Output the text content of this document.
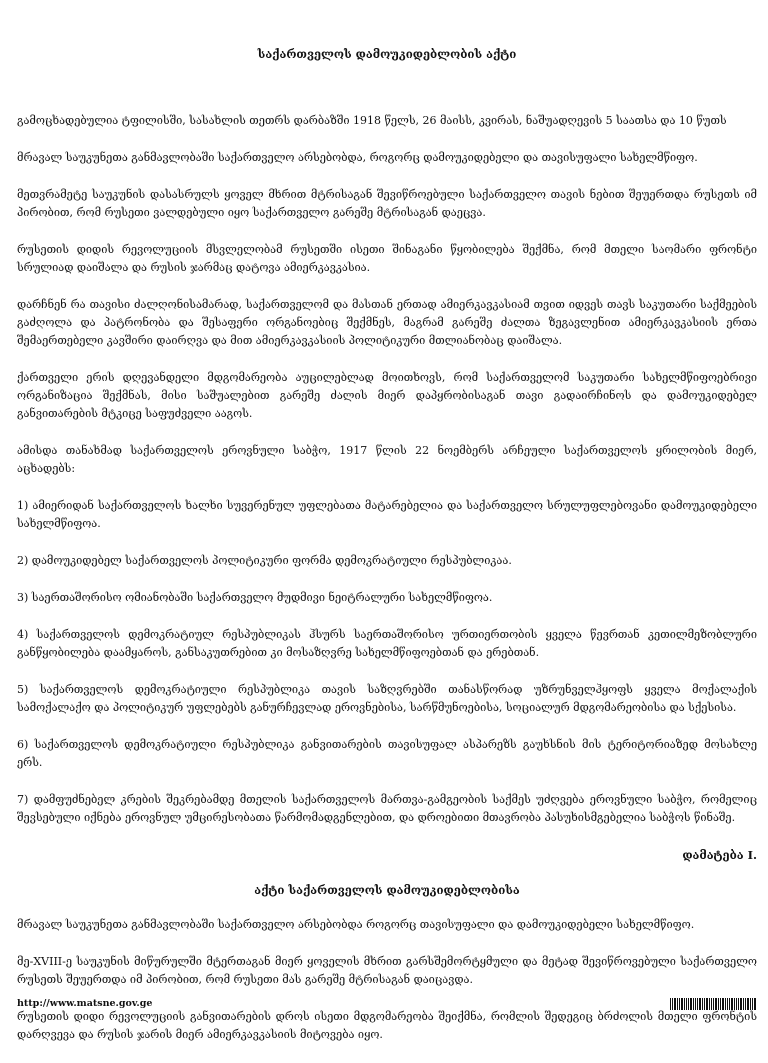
საქართველოს დამოუკიდებლობის აქტი

გამოცხადებულია ტფილისში, სასახლის თეთრს დარბაზში 1918 წელს, 26 მაისს, კვირას, ნაშუადღევის 5 საათსა და 10 წუთს

მრავალ საუკუნეთა განმავლობაში საქართველო არსებობდა, როგორც დამოუკიდებელი და თავისუფალი სახელმწიფო.

მეთვრამეტე საუკუნის დასასრულს ყოველ მხრით მტრისაგან შევიწროებული საქართველო თავის ნებით შეუერთდა რუსეთს იმ პირობით, რომ რუსეთი ვალდებული იყო საქართველო გარეშე მტრისაგან დაეცვა.

რუსეთის დიდის რევოლუციის მსვლელობამ რუსეთში ისეთი შინაგანი წყობილება შექმნა, რომ მთელი საომარი ფრონტი სრულიად დაიშალა და რუსის ჯარმაც დატოვა ამიერკავკასია.

დარჩნენ რა თავისი ძალღონისამარად, საქართველომ და მასთან ერთად ამიერკავკასიამ თვით იდვეს თავს საკუთარი საქმეების გაძღოლა და პატრონობა და შესაფერი ორგანოებიც შექმნეს, მაგრამ გარეშე ძალთა ზეგავლენით ამიერკავკასიის ერთა შემაერთებელი კავშირი დაირღვა და მით ამიერკავკასიის პოლიტიკური მთლიანობაც დაიშალა.

ქართველი ერის დღევანდელი მდგომარეობა აუცილებლად მოითხოვს, რომ საქართველომ საკუთარი სახელმწიფოებრივი ორგანიზაცია შექმნას, მისი საშუალებით გარეშე ძალის მიერ დაპყრობისაგან თავი გადაირჩინოს და დამოუკიდებელ განვითარების მტკიცე საფუძველი ააგოს.

ამისდა თანახმად საქართველოს ეროვნული საბჭო, 1917 წლის 22 ნოემბერს არჩეული საქართველოს ყრილობის მიერ, აცხადებს:

1) ამიერიდან საქართველოს ხალხი სუვერენულ უფლებათა მატარებელია და საქართველო სრულუფლებოვანი დამოუკიდებელი სახელმწიფოა.

2) დამოუკიდებელ საქართველოს პოლიტიკური ფორმა დემოკრატიული რესპუბლიკაა.

3) საერთაშორისო ომიანობაში საქართველო მუდმივი ნეიტრალური სახელმწიფოა.

4) საქართველოს დემოკრატიულ რესპუბლიკას ჰსურს საერთაშორისო ურთიერთობის ყველა წევრთან კეთილმეზობლური განწყობილება დაამყაროს, განსაკუთრებით კი მოსაზღვრე სახელმწიფოებთან და ერებთან.

5) საქართველოს დემოკრატიული რესპუბლიკა თავის საზღვრებში თანასწორად უზრუნველჰყოფს ყველა მოქალაქის სამოქალაქო და პოლიტიკურ უფლებებს განურჩევლად ეროვნებისა, სარწმუნოებისა, სოციალურ მდგომარეობისა და სქესისა.

6) საქართველოს დემოკრატიული რესპუბლიკა განვითარების თავისუფალ ასპარეზს გაუხსნის მის ტერიტორიაზედ მოსახლე ერს.

7) დამფუძნებელ კრების შეკრებამდე მთელის საქართველოს მართვა-გამგეობის საქმეს უძღვება ეროვნული საბჭო, რომელიც შევსებული იქნება ეროვნულ უმცირესობათა წარმომადგენლებით, და დროებითი მთავრობა პასუხისმგებელია საბჭოს წინაშე.

დამატება I.
აქტი საქართველოს დამოუკიდებლობისა

მრავალ საუკუნეთა განმავლობაში საქართველო არსებობდა როგორც თავისუფალი და დამოუკიდებელი სახელმწიფო.

მე-XVIII-ე საუკუნის მიწურულში მტერთაგან მიერ ყოველის მხრით გარსშემორტყმული და მეტად შევიწროვებული საქართველო რუსეთს შეუერთდა იმ პირობით, რომ რუსეთი მას გარეშე მტრისაგან დაიცავდა.

რუსეთის დიდი რევოლუციის განვითარების დროს ისეთი მდგომარეობა შეიქმნა, რომლის შედეგიც ბრძოლის მთელი ფრონტის დარღვევა და რუსის ჯარის მიერ ამიერკავკასიის მიტოვება იყო.

http://www.matsne.gov.ge
